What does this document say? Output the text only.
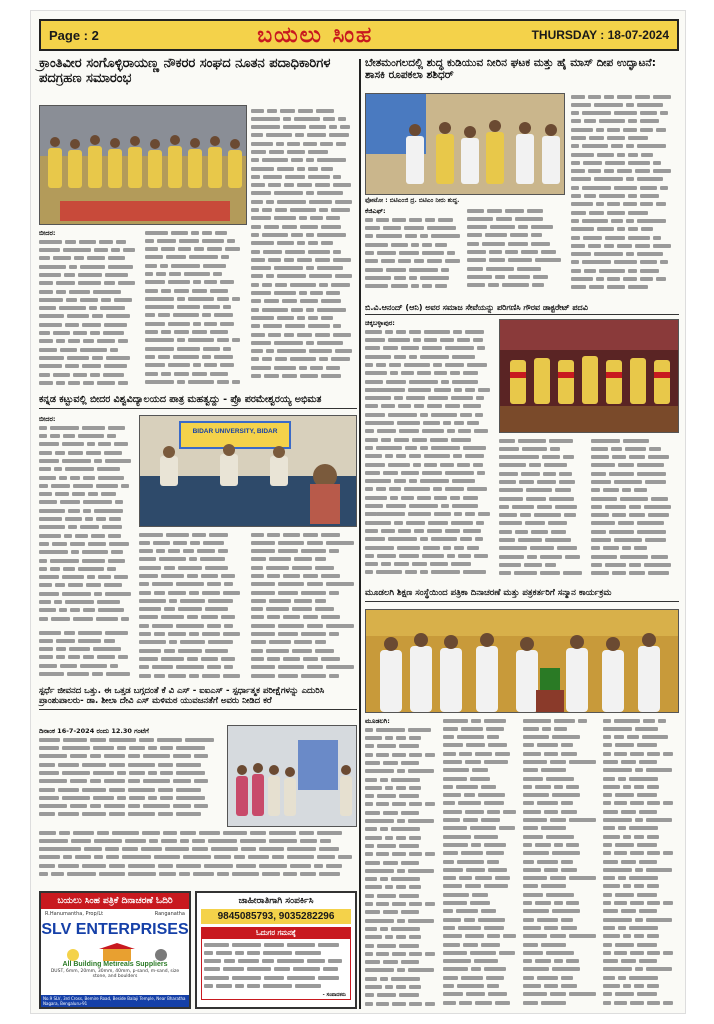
Page : 2	ಬಯಲು ಸಿಂಹ	THURSDAY : 18-07-2024
ಕ್ರಾಂತಿವೀರ ಸಂಗೊಳ್ಳಿರಾಯಣ್ಣ ನೌಕರರ ಸಂಘದ ನೂತನ ಪದಾಧಿಕಾರಿಗಳ ಪದಗ್ರಹಣ ಸಮಾರಂಭ
ಬೀದರ:
ಕನ್ನಡ ಕಟ್ಟುವಲ್ಲಿ ಬೀದರ ವಿಶ್ವವಿದ್ಯಾಲಯದ ಪಾತ್ರ ಮಹತ್ವದ್ದು - ಪ್ರೊ ಪರಮೇಶ್ವರಯ್ಯ ಅಭಿಮತ
ಬೀದರ:
BIDAR UNIVERSITY, BIDAR
ಸ್ಪರ್ಧೆ ಜೀವನದ ಒತ್ತು. ಈ ಒತ್ತಡ ಬಗ್ಗದಂತೆ ಕೆ ವಿ ಎಸ್ - ಐಐಎಸ್ - ಸ್ಪರ್ಧಾತ್ಮಕ ಪರೀಕ್ಷೆಗಳನ್ನು ಎದುರಿಸಿ ಪ್ರಾಂಶುಪಾಲರು- ಡಾ. ಶೀಲಾ ದೇವಿ ಎಸ್ ಮಳಿಮಠ ಯುವಜನತೆಗೆ ಅವರು ನೀಡಿದ ಕರೆ
ದಿನಾಂಕ 16-7-2024 ರಂದು 12.30 ಗಂಟೆಗೆ
ಬಯಲು ಸಿಂಹ ಪತ್ರಿಕೆ ದಿನಾಚರಣೆ ಓದಿರಿ
R.Hanumantha, Prop/Lt	Ranganatha
SLV ENTERPRISES
All Building Metireals Suppliers
DUST, 6mm, 20mm, 30mm, 40mm, p-sand, m-sand, size stone, and boulders
No.9 SLV, 3rd Cross, Bemire Road, Beside Balaji Temple, Near Bharatha Nagara, Bengaluru-91
ಜಾಹೀರಾತಿಗಾಗಿ ಸಂಪರ್ಕಿಸಿ
9845085793, 9035282296
ಓದುಗರ ಗಮನಕ್ಕೆ
- ಸಂಪಾದಕರು
ಬೇತಮಂಗಲದಲ್ಲಿ ಶುದ್ಧ ಕುಡಿಯುವ ನೀರಿನ ಘಟಕ ಮತ್ತು ಹೈ ಮಾಸ್ ದೀಪ ಉದ್ಘಾಟನೆ: ಶಾಸಕಿ ರೂಪಕಲಾ ಶಶಿಧರ್
ಫೋಟೋ : ಬಿಟಿಎಂಜಿ ದ್ರ. ಬಿಟಿಎಂ ನೀರು ಶುದ್ಧ.
ಕೆಜಿಎಫ್:
ಬಿ.ವಿ.ಆನಂದ್ (ಆನಿ) ಅವರ ಸಮಾಜ ಸೇವೆಯನ್ನು ಪರಿಗಣಿಸಿ ಗೌರವ ಡಾಕ್ಟರೇಟ್ ಪದವಿ
ಚಿಕ್ಕಬಳ್ಳಾಪುರ:
ಮೂಡಲಗಿ ಶಿಕ್ಷಣ ಸಂಸ್ಥೆಯಿಂದ ಪತ್ರಿಕಾ ದಿನಾಚರಣೆ ಮತ್ತು ಪತ್ರಕರ್ತರಿಗೆ ಸನ್ಮಾನ ಕಾರ್ಯಕ್ರಮ
ಮೂಡಲಗಿ:
